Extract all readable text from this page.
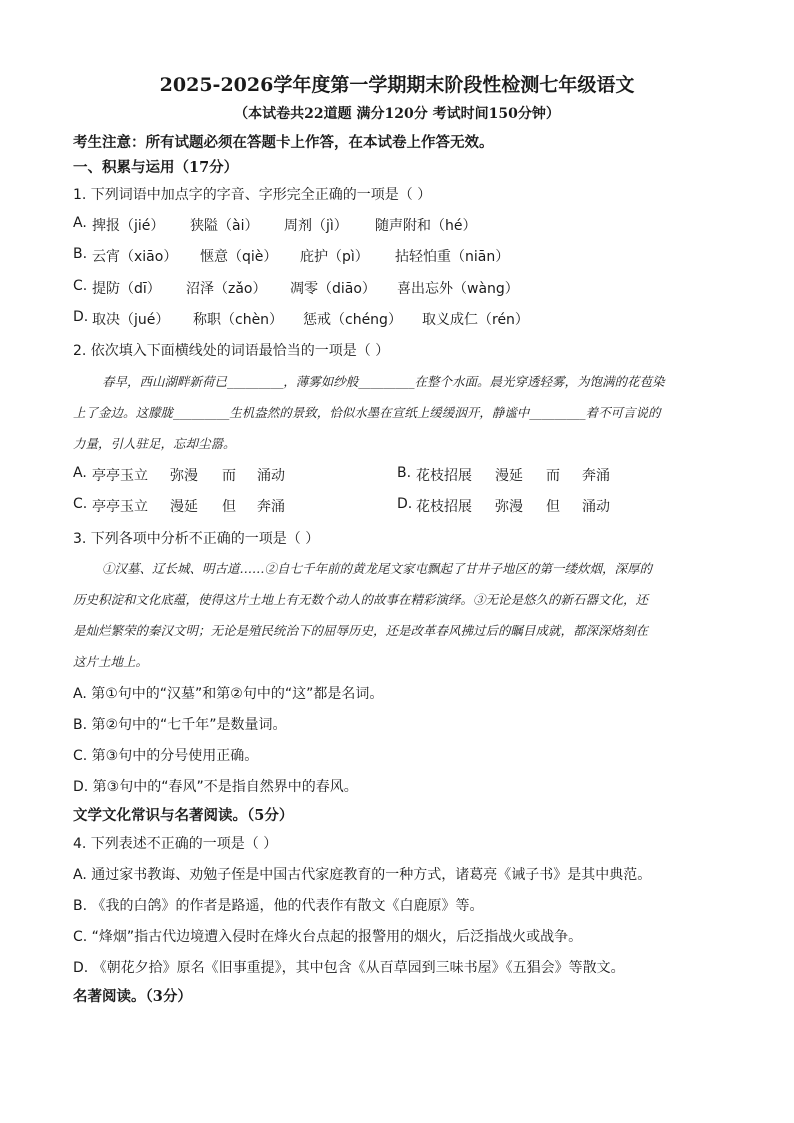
2025-2026学年度第一学期期末阶段性检测七年级语文
（本试卷共22道题 满分120分 考试时间150分钟）
考生注意：所有试题必须在答题卡上作答，在本试卷上作答无效。
一、积累与运用（17分）
1. 下列词语中加点字的字音、字形完全正确的一项是（ ）
A. 捭报（jié） 狭隘（ài） 周剂（jì） 随声附和（hé）
B. 云宵（xiāo） 惬意（qiè） 庇护（pì） 拈轻怕重（niān）
C. 提防（dī） 沼泽（zǎo） 凋零（diāo） 喜出忘外（wàng）
D. 取决（jué） 称职（chèn） 惩戒（chéng） 取义成仁（rén）
2. 依次填入下面横线处的词语最恰当的一项是（ ）
春早，西山湖畔新荷已_________，薄雾如纱般_________在整个水面。晨光穿透轻雾，为饱满的花苞染
上了金边。这朦胧_________生机盎然的景致，恰似水墨在宣纸上缓缓洇开，静谧中_________着不可言说的
力量，引人驻足，忘却尘嚣。
A. 亭亭玉立 弥漫 而 涌动	B. 花枝招展 漫延 而 奔涌
C. 亭亭玉立 漫延 但 奔涌	D. 花枝招展 弥漫 但 涌动
3. 下列各项中分析不正确的一项是（ ）
①汉墓、辽长城、明古道……②自七千年前的黄龙尾文家屯飘起了甘井子地区的第一缕炊烟，深厚的
历史积淀和文化底蕴，使得这片土地上有无数个动人的故事在精彩演绎。③无论是悠久的新石器文化，还
是灿烂繁荣的秦汉文明；无论是殖民统治下的屈辱历史，还是改革春风拂过后的瞩目成就，都深深烙刻在
这片土地上。
A. 第①句中的“汉墓”和第②句中的“这”都是名词。
B. 第②句中的“七千年”是数量词。
C. 第③句中的分号使用正确。
D. 第③句中的“春风”不是指自然界中的春风。
文学文化常识与名著阅读。（5分）
4. 下列表述不正确的一项是（ ）
A. 通过家书教诲、劝勉子侄是中国古代家庭教育的一种方式，诸葛亮《诫子书》是其中典范。
B. 《我的白鸽》的作者是路遥，他的代表作有散文《白鹿原》等。
C. “烽烟”指古代边境遭入侵时在烽火台点起的报警用的烟火，后泛指战火或战争。
D. 《朝花夕拾》原名《旧事重提》，其中包含《从百草园到三味书屋》《五猖会》等散文。
名著阅读。（3分）
